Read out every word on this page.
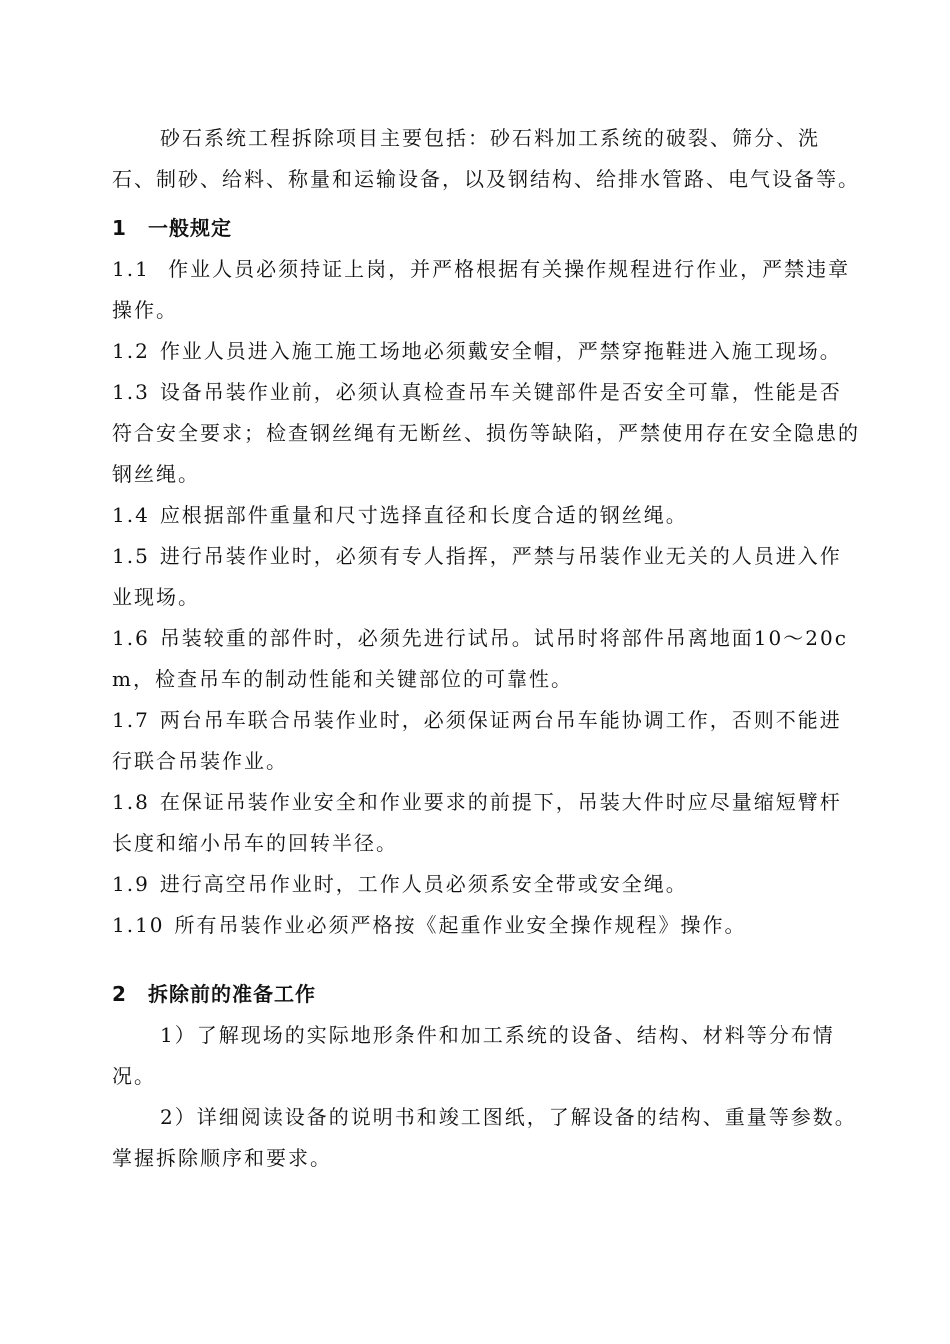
砂石系统工程拆除项目主要包括：砂石料加工系统的破裂、筛分、洗石、制砂、给料、称量和运输设备，以及钢结构、给排水管路、电气设备等。

1 一般规定

1.1 作业人员必须持证上岗，并严格根据有关操作规程进行作业，严禁违章操作。

1.2 作业人员进入施工施工场地必须戴安全帽，严禁穿拖鞋进入施工现场。

1.3 设备吊装作业前，必须认真检查吊车关键部件是否安全可靠，性能是否符合安全要求；检查钢丝绳有无断丝、损伤等缺陷，严禁使用存在安全隐患的钢丝绳。

1.4 应根据部件重量和尺寸选择直径和长度合适的钢丝绳。

1.5 进行吊装作业时，必须有专人指挥，严禁与吊装作业无关的人员进入作业现场。

1.6 吊装较重的部件时，必须先进行试吊。试吊时将部件吊离地面10～20cm，检查吊车的制动性能和关键部位的可靠性。

1.7 两台吊车联合吊装作业时，必须保证两台吊车能协调工作，否则不能进行联合吊装作业。

1.8 在保证吊装作业安全和作业要求的前提下，吊装大件时应尽量缩短臂杆长度和缩小吊车的回转半径。

1.9 进行高空吊作业时，工作人员必须系安全带或安全绳。

1.10 所有吊装作业必须严格按《起重作业安全操作规程》操作。

2 拆除前的准备工作

1）了解现场的实际地形条件和加工系统的设备、结构、材料等分布情况。

2）详细阅读设备的说明书和竣工图纸，了解设备的结构、重量等参数。掌握拆除顺序和要求。
